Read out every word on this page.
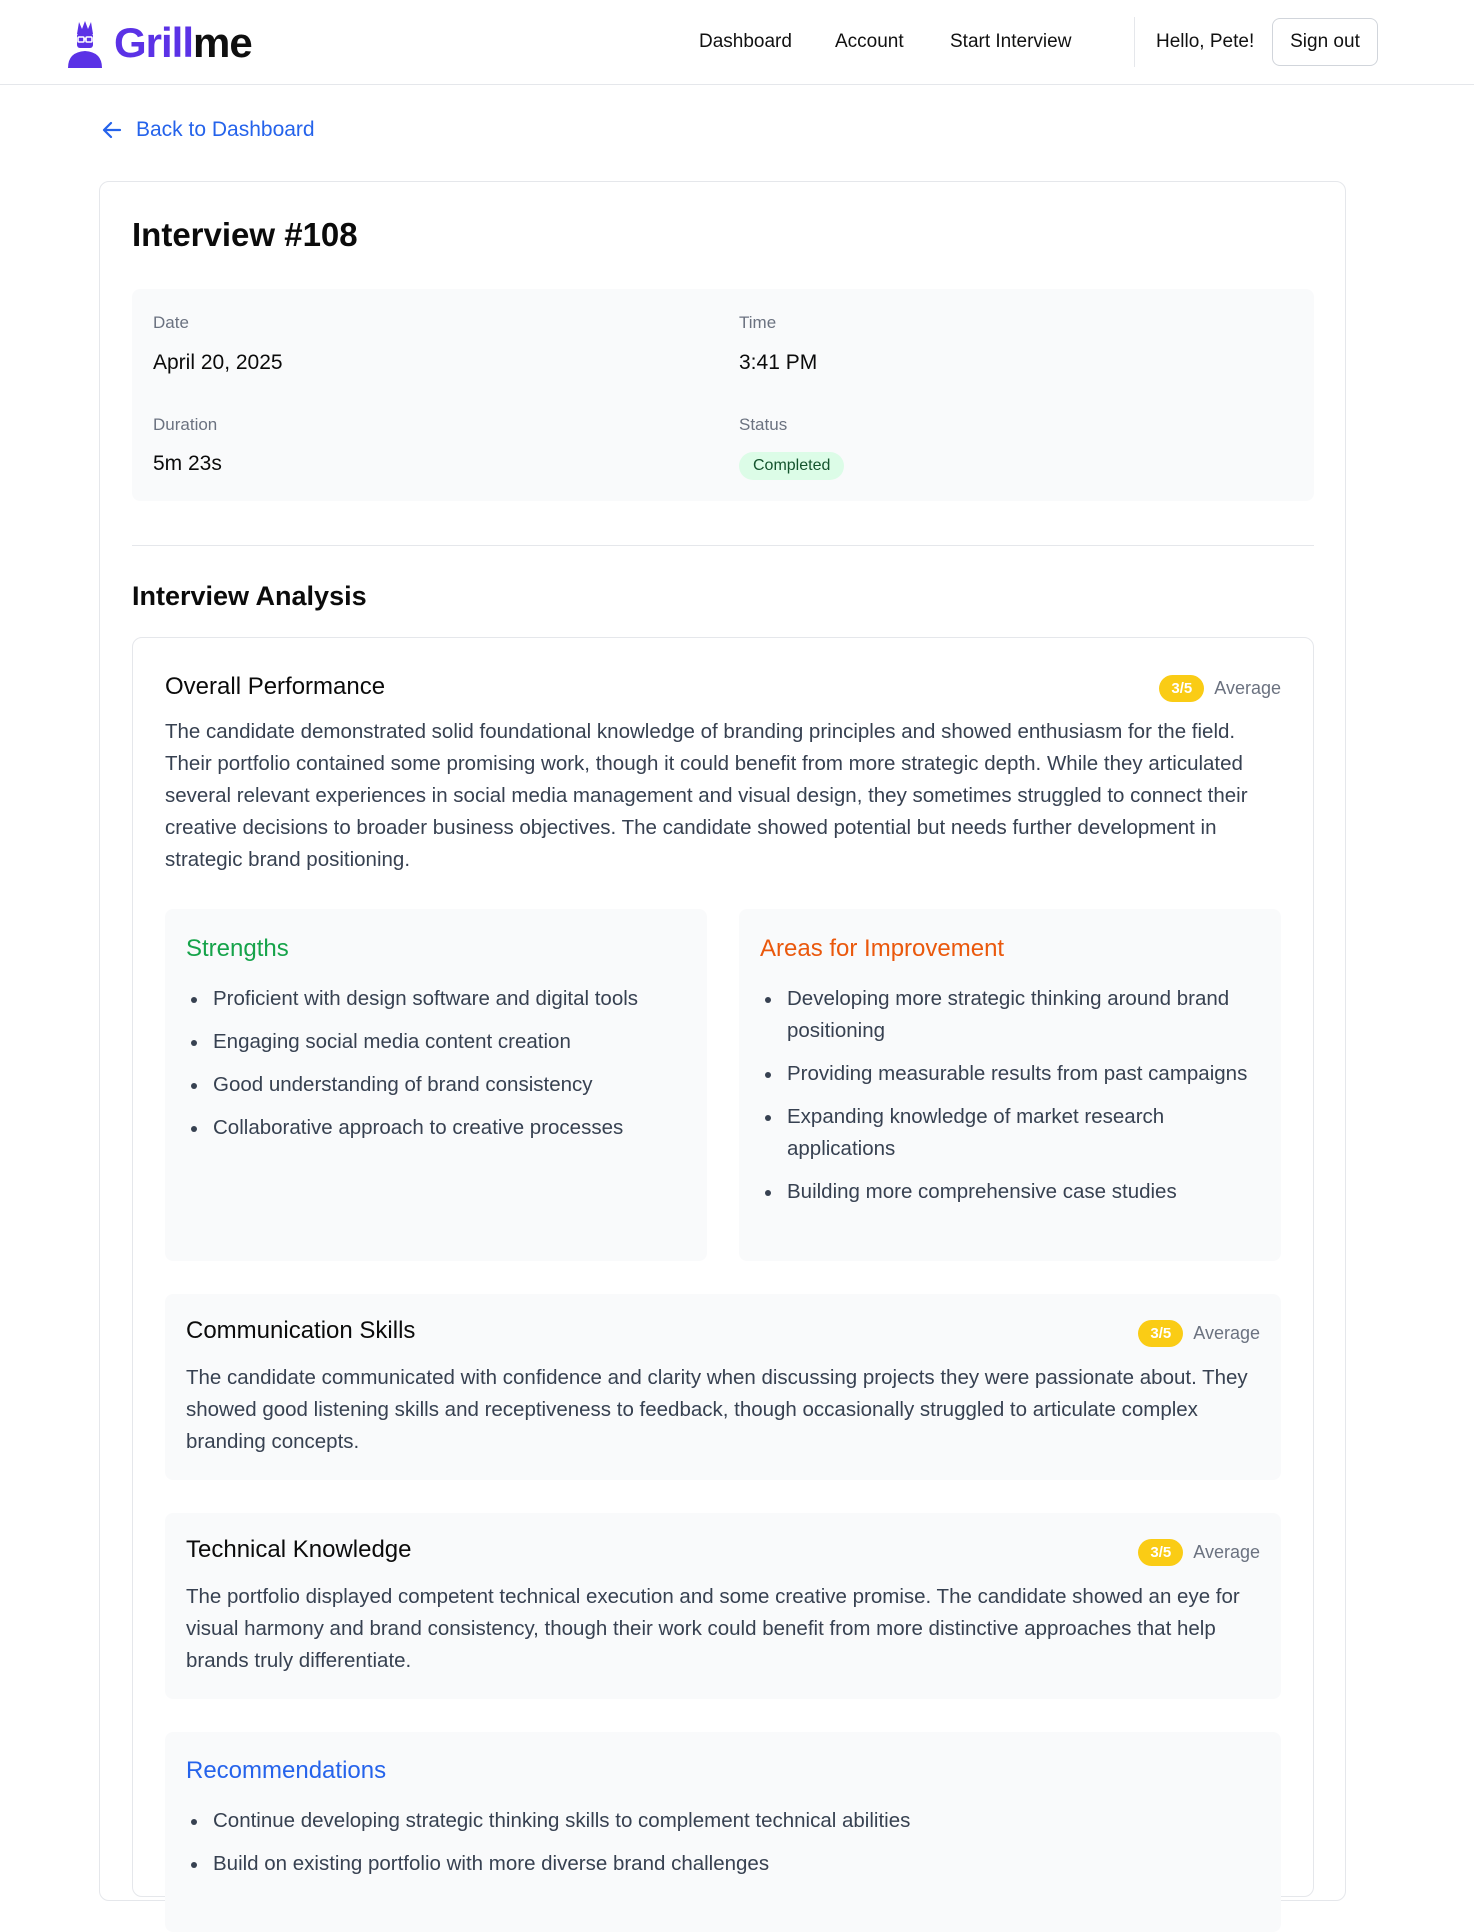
Grillme	Dashboard Account Start Interview	Hello, Pete!	Sign out
Back to Dashboard
Interview #108
Date
April 20, 2025
Time
3:41 PM
Duration
5m 23s
Status
Completed
Interview Analysis
Overall Performance	3/5	Average

The candidate demonstrated solid foundational knowledge of branding principles and showed enthusiasm for the field. Their portfolio contained some promising work, though it could benefit from more strategic depth. While they articulated several relevant experiences in social media management and visual design, they sometimes struggled to connect their creative decisions to broader business objectives. The candidate showed potential but needs further development in strategic brand positioning.

Strengths
Proficient with design software and digital tools
Engaging social media content creation
Good understanding of brand consistency
Collaborative approach to creative processes
Areas for Improvement
Developing more strategic thinking around brand positioning
Providing measurable results from past campaigns
Expanding knowledge of market research applications
Building more comprehensive case studies
Communication Skills	3/5	Average

The candidate communicated with confidence and clarity when discussing projects they were passionate about. They showed good listening skills and receptiveness to feedback, though occasionally struggled to articulate complex branding concepts.

Technical Knowledge	3/5	Average

The portfolio displayed competent technical execution and some creative promise. The candidate showed an eye for visual harmony and brand consistency, though their work could benefit from more distinctive approaches that help brands truly differentiate.

Recommendations
Continue developing strategic thinking skills to complement technical abilities
Build on existing portfolio with more diverse brand challenges
